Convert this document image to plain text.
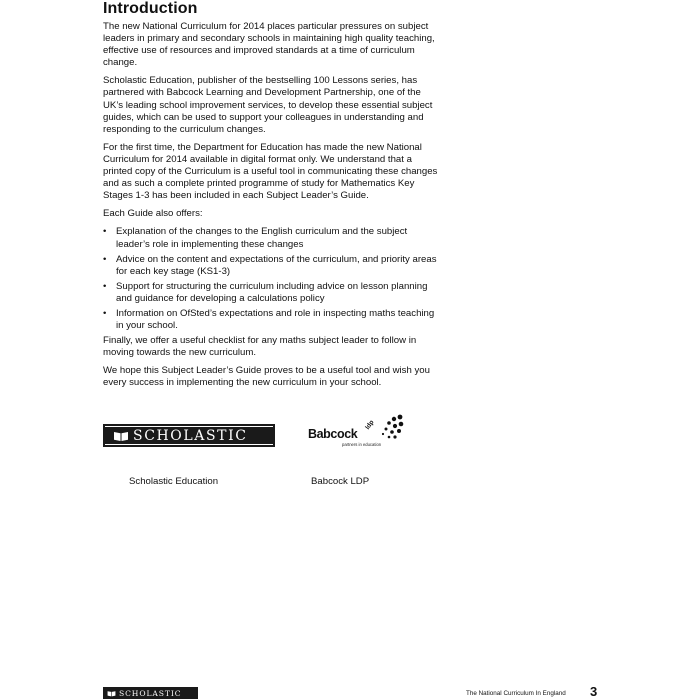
Introduction

The new National Curriculum for 2014 places particular pressures on subject leaders in primary and secondary schools in maintaining high quality teaching, effective use of resources and improved standards at a time of curriculum change.

Scholastic Education, publisher of the bestselling 100 Lessons series, has partnered with Babcock Learning and Development Partnership, one of the UK’s leading school improvement services, to develop these essential subject guides, which can be used to support your colleagues in understanding and responding to the curriculum changes.

For the first time, the Department for Education has made the new National Curriculum for 2014 available in digital format only. We understand that a printed copy of the Curriculum is a useful tool in communicating these changes and as such a complete printed programme of study for Mathematics Key Stages 1-3 has been included in each Subject Leader’s Guide.

Each Guide also offers:

• Explanation of the changes to the English curriculum and the subject leader’s role in implementing these changes
• Advice on the content and expectations of the curriculum, and priority areas for each key stage (KS1-3)
• Support for structuring the curriculum including advice on lesson planning and guidance for developing a calculations policy
• Information on OfSted’s expectations and role in inspecting maths teaching in your school.

Finally, we offer a useful checklist for any maths subject leader to follow in moving towards the new curriculum.

We hope this Subject Leader’s Guide proves to be a useful tool and wish you every success in implementing the new curriculum in your school.

SCHOLASTIC	Babcock
ldp
partners in education
Scholastic Education	Babcock LDP
SCHOLASTIC	The National Curriculum In England 3
